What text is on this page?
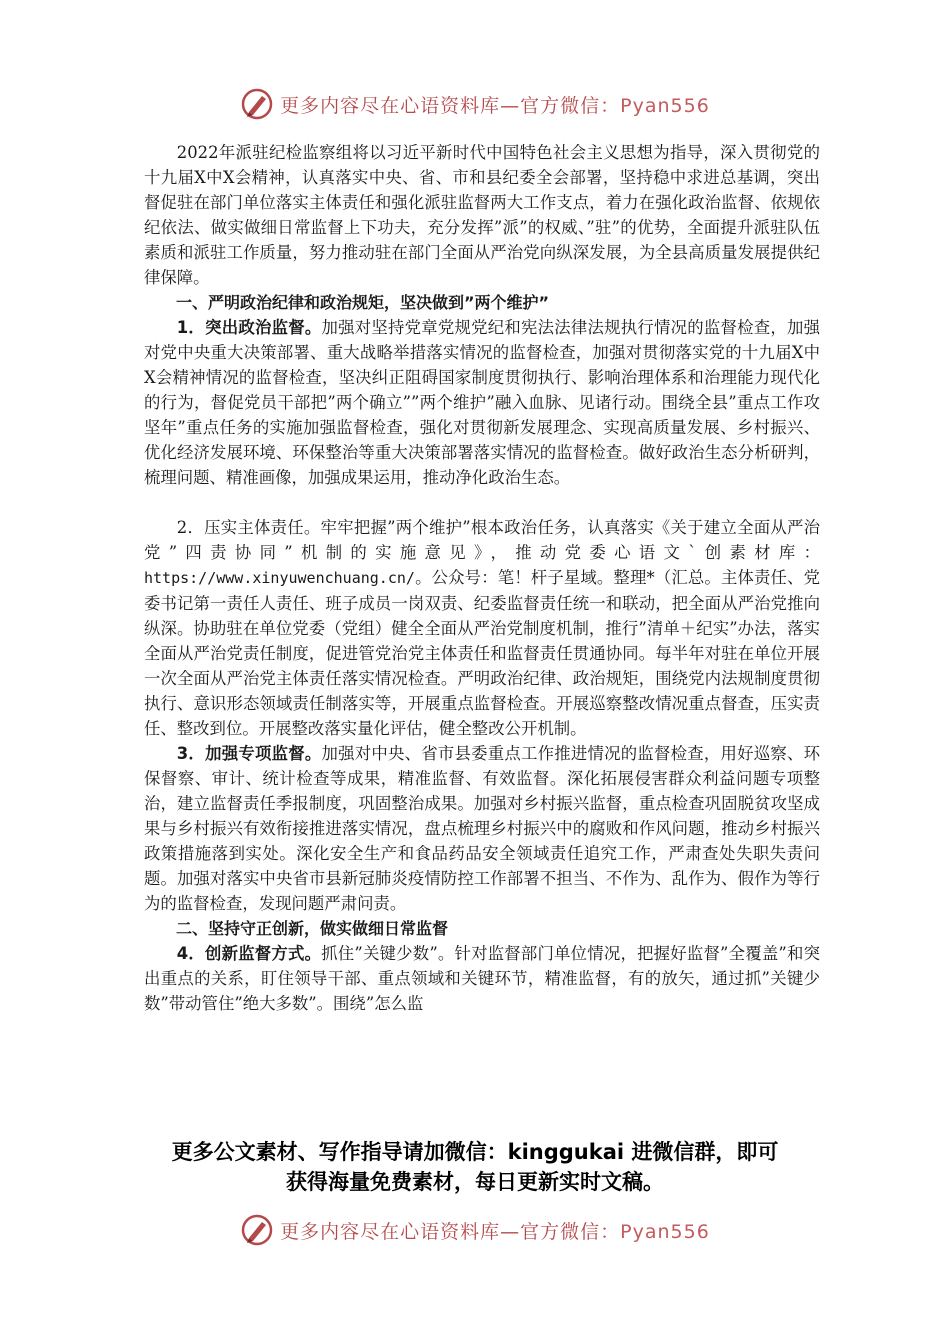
更多内容尽在心语资料库—官方微信：Pyan556

2022年派驻纪检监察组将以习近平新时代中国特色社会主义思想为指导，深入贯彻党的十九届X中X会精神，认真落实中央、省、市和县纪委全会部署，坚持稳中求进总基调，突出督促驻在部门单位落实主体责任和强化派驻监督两大工作支点，着力在强化政治监督、依规依纪依法、做实做细日常监督上下功夫，充分发挥”派”的权威、”驻”的优势，全面提升派驻队伍素质和派驻工作质量，努力推动驻在部门全面从严治党向纵深发展，为全县高质量发展提供纪律保障。

一、严明政治纪律和政治规矩，坚决做到”两个维护”

1．突出政治监督。加强对坚持党章党规党纪和宪法法律法规执行情况的监督检查，加强对党中央重大决策部署、重大战略举措落实情况的监督检查，加强对贯彻落实党的十九届X中X会精神情况的监督检查，坚决纠正阻碍国家制度贯彻执行、影响治理体系和治理能力现代化的行为，督促党员干部把”两个确立””两个维护”融入血脉、见诸行动。围绕全县”重点工作攻坚年”重点任务的实施加强监督检查，强化对贯彻新发展理念、实现高质量发展、乡村振兴、优化经济发展环境、环保整治等重大决策部署落实情况的监督检查。做好政治生态分析研判，梳理问题、精准画像，加强成果运用，推动净化政治生态。

2．压实主体责任。牢牢把握”两个维护”根本政治任务，认真落实《关于建立全面从严治党”四责协同”机制的实施意见》，推动党委心语文`创素材库：https://www.xinyuwenchuang.cn/。公众号：笔！杆子星域。整理*（汇总。主体责任、党委书记第一责任人责任、班子成员一岗双责、纪委监督责任统一和联动，把全面从严治党推向纵深。协助驻在单位党委（党组）健全全面从严治党制度机制，推行”清单＋纪实”办法，落实全面从严治党责任制度，促进管党治党主体责任和监督责任贯通协同。每半年对驻在单位开展一次全面从严治党主体责任落实情况检查。严明政治纪律、政治规矩，围绕党内法规制度贯彻执行、意识形态领域责任制落实等，开展重点监督检查。开展巡察整改情况重点督查，压实责任、整改到位。开展整改落实量化评估，健全整改公开机制。

3．加强专项监督。加强对中央、省市县委重点工作推进情况的监督检查，用好巡察、环保督察、审计、统计检查等成果，精准监督、有效监督。深化拓展侵害群众利益问题专项整治，建立监督责任季报制度，巩固整治成果。加强对乡村振兴监督，重点检查巩固脱贫攻坚成果与乡村振兴有效衔接推进落实情况，盘点梳理乡村振兴中的腐败和作风问题，推动乡村振兴政策措施落到实处。深化安全生产和食品药品安全领域责任追究工作，严肃查处失职失责问题。加强对落实中央省市县新冠肺炎疫情防控工作部署不担当、不作为、乱作为、假作为等行为的监督检查，发现问题严肃问责。

二、坚持守正创新，做实做细日常监督

4．创新监督方式。抓住”关键少数”。针对监督部门单位情况，把握好监督”全覆盖”和突出重点的关系，盯住领导干部、重点领域和关键环节，精准监督，有的放矢，通过抓”关键少数”带动管住”绝大多数”。围绕”怎么监

更多公文素材、写作指导请加微信：kinggukai 进微信群，即可
获得海量免费素材，每日更新实时文稿。
更多内容尽在心语资料库—官方微信：Pyan556
